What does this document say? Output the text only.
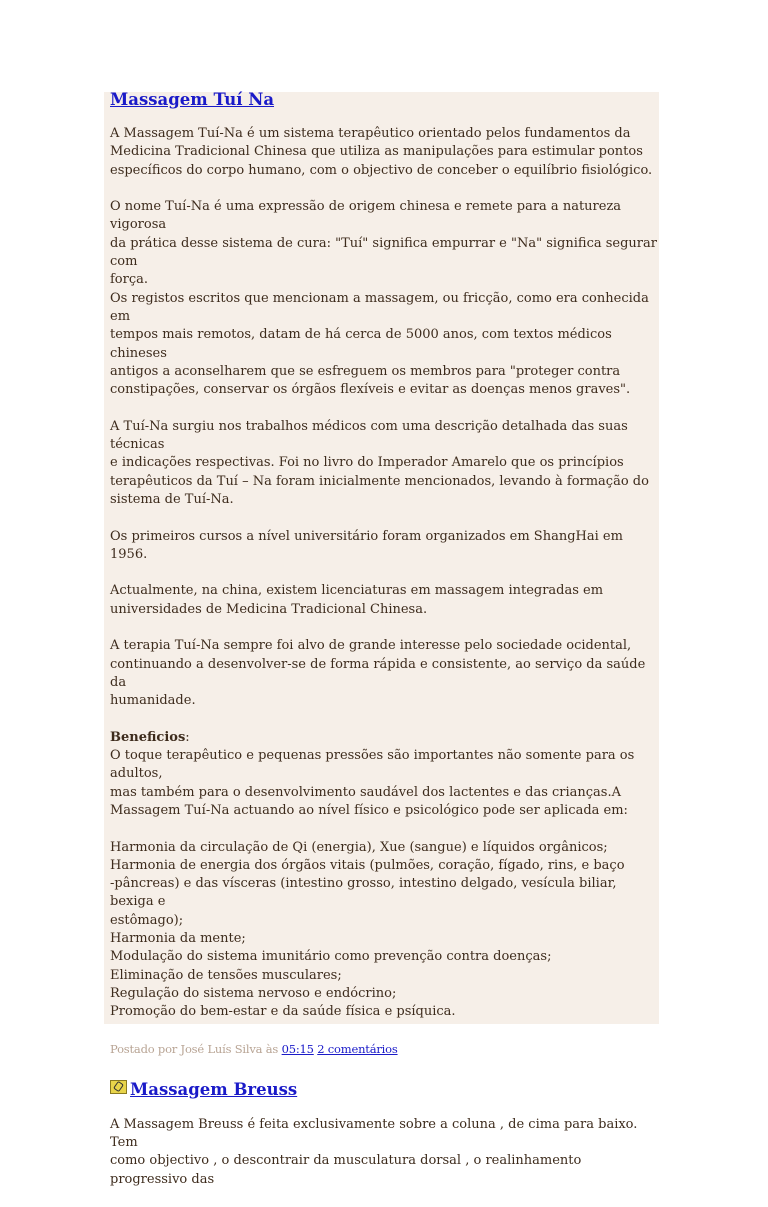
Massagem Tuí Na

A Massagem Tuí-Na é um sistema terapêutico orientado pelos fundamentos da
Medicina Tradicional Chinesa que utiliza as manipulações para estimular pontos
específicos do corpo humano, com o objectivo de conceber o equilíbrio fisiológico.

O nome Tuí-Na é uma expressão de origem chinesa e remete para a natureza vigorosa
da prática desse sistema de cura: "Tuí" significa empurrar e "Na" significa segurar com
força.
Os registos escritos que mencionam a massagem, ou fricção, como era conhecida em
tempos mais remotos, datam de há cerca de 5000 anos, com textos médicos chineses
antigos a aconselharem que se esfreguem os membros para "proteger contra
constipações, conservar os órgãos flexíveis e evitar as doenças menos graves".

A Tuí-Na surgiu nos trabalhos médicos com uma descrição detalhada das suas técnicas
e indicações respectivas. Foi no livro do Imperador Amarelo que os princípios
terapêuticos da Tuí – Na foram inicialmente mencionados, levando à formação do
sistema de Tuí-Na.

Os primeiros cursos a nível universitário foram organizados em ShangHai em 1956.

Actualmente, na china, existem licenciaturas em massagem integradas em
universidades de Medicina Tradicional Chinesa.

A terapia Tuí-Na sempre foi alvo de grande interesse pelo sociedade ocidental,
continuando a desenvolver-se de forma rápida e consistente, ao serviço da saúde da
humanidade.

Beneficios:
O toque terapêutico e pequenas pressões são importantes não somente para os adultos,
mas também para o desenvolvimento saudável dos lactentes e das crianças.A
Massagem Tuí-Na actuando ao nível físico e psicológico pode ser aplicada em:

Harmonia da circulação de Qi (energia), Xue (sangue) e líquidos orgânicos;
Harmonia de energia dos órgãos vitais (pulmões, coração, fígado, rins, e baço
-pâncreas) e das vísceras (intestino grosso, intestino delgado, vesícula biliar, bexiga e
estômago);
Harmonia da mente;
Modulação do sistema imunitário como prevenção contra doenças;
Eliminação de tensões musculares;
Regulação do sistema nervoso e endócrino;
Promoção do bem-estar e da saúde física e psíquica.

Postado por José Luís Silva às 05:15 2 comentários
Massagem Breuss

A Massagem Breuss é feita exclusivamente sobre a coluna , de cima para baixo. Tem
como objectivo , o descontrair da musculatura dorsal , o realinhamento progressivo das
